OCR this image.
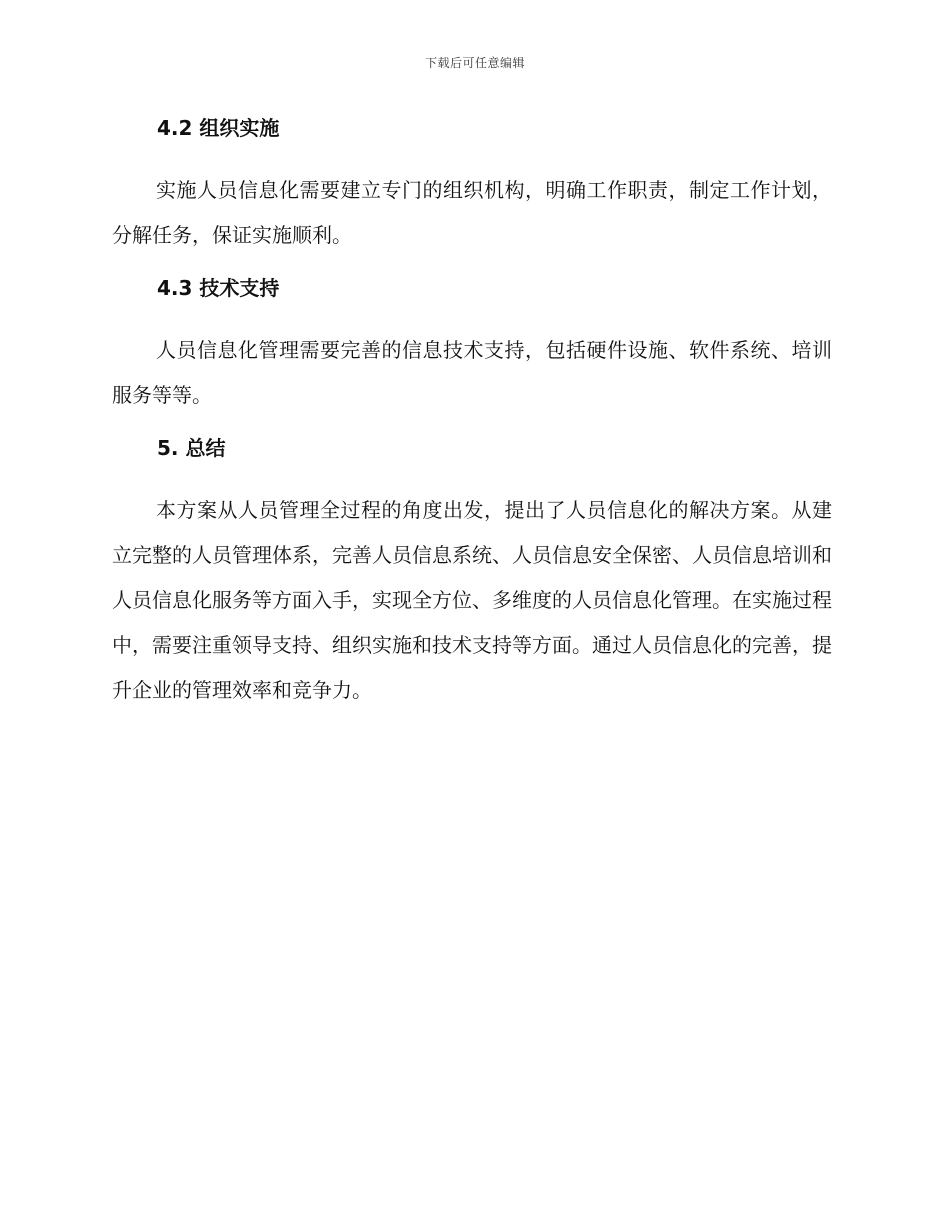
下载后可任意编辑
4.2 组织实施

实施人员信息化需要建立专门的组织机构，明确工作职责，制定工作计划，分解任务，保证实施顺利。

4.3 技术支持

人员信息化管理需要完善的信息技术支持，包括硬件设施、软件系统、培训服务等等。

5. 总结

本方案从人员管理全过程的角度出发，提出了人员信息化的解决方案。从建立完整的人员管理体系，完善人员信息系统、人员信息安全保密、人员信息培训和人员信息化服务等方面入手，实现全方位、多维度的人员信息化管理。在实施过程中，需要注重领导支持、组织实施和技术支持等方面。通过人员信息化的完善，提升企业的管理效率和竞争力。
